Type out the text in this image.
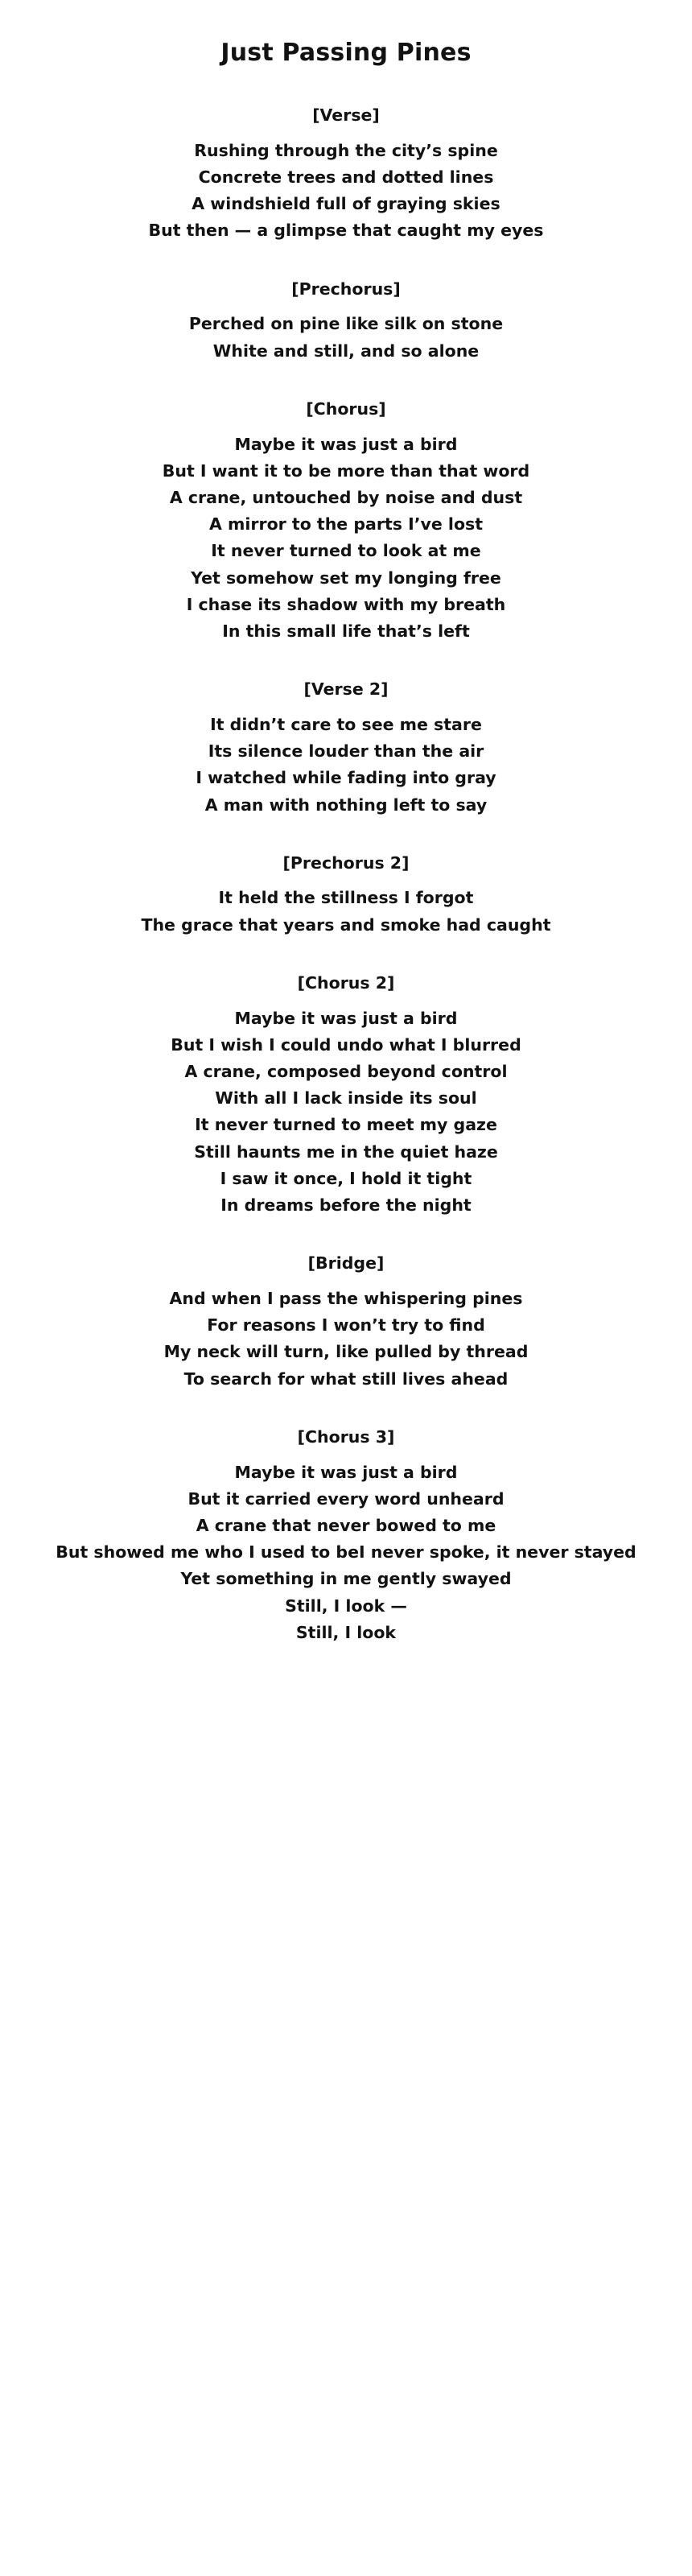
Just Passing Pines
[Verse]
Rushing through the city’s spine
Concrete trees and dotted lines
A windshield full of graying skies
But then — a glimpse that caught my eyes
[Prechorus]
Perched on pine like silk on stone
White and still, and so alone
[Chorus]
Maybe it was just a bird
But I want it to be more than that word
A crane, untouched by noise and dust
A mirror to the parts I’ve lost
It never turned to look at me
Yet somehow set my longing free
I chase its shadow with my breath
In this small life that’s left
[Verse 2]
It didn’t care to see me stare
Its silence louder than the air
I watched while fading into gray
A man with nothing left to say
[Prechorus 2]
It held the stillness I forgot
The grace that years and smoke had caught
[Chorus 2]
Maybe it was just a bird
But I wish I could undo what I blurred
A crane, composed beyond control
With all I lack inside its soul
It never turned to meet my gaze
Still haunts me in the quiet haze
I saw it once, I hold it tight
In dreams before the night
[Bridge]
And when I pass the whispering pines
For reasons I won’t try to find
My neck will turn, like pulled by thread
To search for what still lives ahead
[Chorus 3]
Maybe it was just a bird
But it carried every word unheard
A crane that never bowed to me
But showed me who I used to beI never spoke, it never stayed
Yet something in me gently swayed
Still, I look —
Still, I look
